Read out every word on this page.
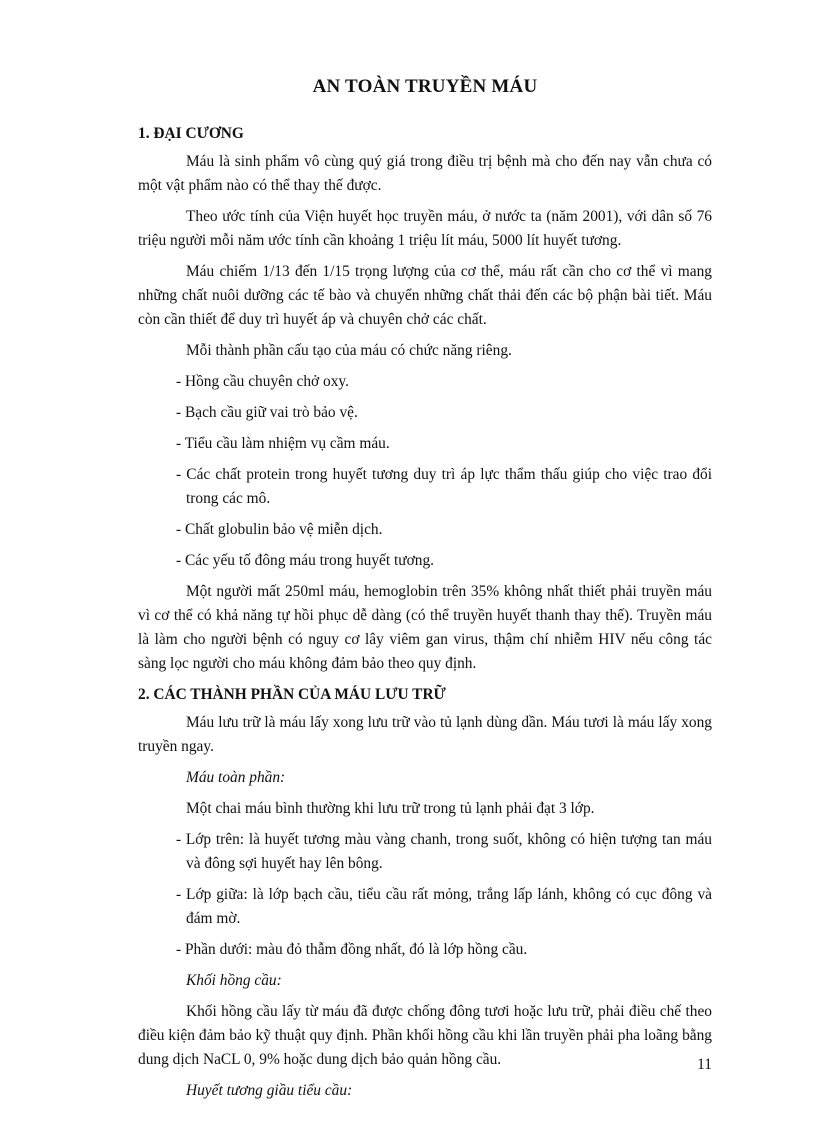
AN TOÀN TRUYỀN MÁU
1. ĐẠI CƯƠNG

Máu là sinh phẩm vô cùng quý giá trong điều trị bệnh mà cho đến nay vẫn chưa có một vật phẩm nào có thể thay thế được.

Theo ước tính của Viện huyết học truyền máu, ở nước ta (năm 2001), với dân số 76 triệu người mỗi năm ước tính cần khoảng 1 triệu lít máu, 5000 lít huyết tương.

Máu chiếm 1/13 đến 1/15 trọng lượng của cơ thể, máu rất cần cho cơ thể vì mang những chất nuôi dưỡng các tế bào và chuyển những chất thải đến các bộ phận bài tiết. Máu còn cần thiết để duy trì huyết áp và chuyên chở các chất.

Mỗi thành phần cấu tạo của máu có chức năng riêng.

- Hồng cầu chuyên chở oxy.

- Bạch cầu giữ vai trò bảo vệ.

- Tiểu cầu làm nhiệm vụ cầm máu.

- Các chất protein trong huyết tương duy trì áp lực thẩm thấu giúp cho việc trao đổi trong các mô.

- Chất globulin bảo vệ miễn dịch.

- Các yếu tố đông máu trong huyết tương.

Một người mất 250ml máu, hemoglobin trên 35% không nhất thiết phải truyền máu vì cơ thể có khả năng tự hồi phục dễ dàng (có thể truyền huyết thanh thay thế). Truyền máu là làm cho người bệnh có nguy cơ lây viêm gan virus, thậm chí nhiễm HIV nếu công tác sàng lọc người cho máu không đảm bảo theo quy định.

2. CÁC THÀNH PHẦN CỦA MÁU LƯU TRỮ

Máu lưu trữ là máu lấy xong lưu trữ vào tủ lạnh dùng dần. Máu tươi là máu lấy xong truyền ngay.

Máu toàn phần:

Một chai máu bình thường khi lưu trữ trong tủ lạnh phải đạt 3 lớp.

- Lớp trên: là huyết tương màu vàng chanh, trong suốt, không có hiện tượng tan máu và đông sợi huyết hay lên bông.

- Lớp giữa: là lớp bạch cầu, tiểu cầu rất mỏng, trắng lấp lánh, không có cục đông và đám mờ.

- Phần dưới: màu đỏ thẫm đồng nhất, đó là lớp hồng cầu.

Khối hồng cầu:

Khối hồng cầu lấy từ máu đã được chống đông tươi hoặc lưu trữ, phải điều chế theo điều kiện đảm bảo kỹ thuật quy định. Phần khối hồng cầu khi lần truyền phải pha loãng bằng dung dịch NaCL 0, 9% hoặc dung dịch bảo quản hồng cầu.

Huyết tương giầu tiểu cầu:

11
